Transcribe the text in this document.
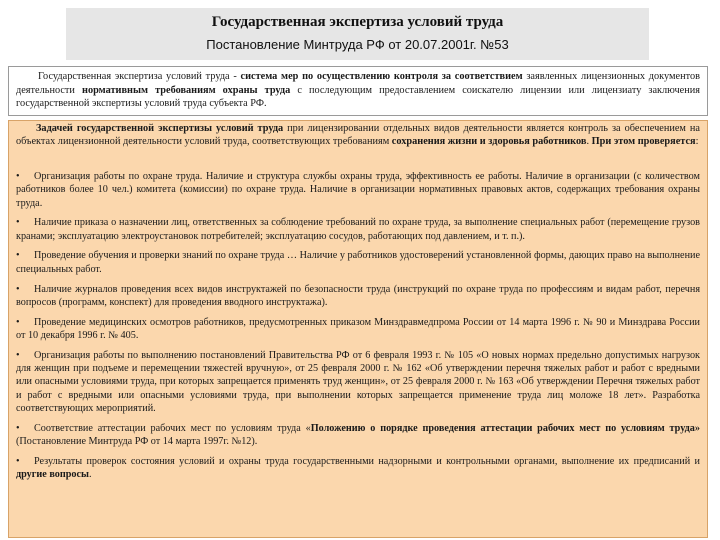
Государственная экспертиза условий труда
Постановление Минтруда РФ от 20.07.2001г. №53
Государственная экспертиза условий труда - система мер по осуществлению контроля за соответствием заявленных лицензионных документов деятельности нормативным требованиям охраны труда с последующим предоставлением соискателю лицензии или лицензиату заключения государственной экспертизы условий труда субъекта РФ.
Задачей государственной экспертизы условий труда при лицензировании отдельных видов деятельности является контроль за обеспечением на объектах лицензионной деятельности условий труда, соответствующих требованиям сохранения жизни и здоровья работников. При этом проверяется:
• Организация работы по охране труда. Наличие и структура службы охраны труда, эффективность ее работы. Наличие в организации (с количеством работников более 10 чел.) комитета (комиссии) по охране труда. Наличие в организации нормативных правовых актов, содержащих требования охраны труда.
• Наличие приказа о назначении лиц, ответственных за соблюдение требований по охране труда, за выполнение специальных работ (перемещение грузов кранами; эксплуатацию электроустановок потребителей; эксплуатацию сосудов, работающих под давлением, и т. п.).
• Проведение обучения и проверки знаний по охране труда … Наличие у работников удостоверений установленной формы, дающих право на выполнение специальных работ.
• Наличие журналов проведения всех видов инструктажей по безопасности труда (инструкций по охране труда по профессиям и видам работ, перечня вопросов (программ, конспект) для проведения вводного инструктажа).
• Проведение медицинских осмотров работников, предусмотренных приказом Минздравмедпрома России от 14 марта 1996 г. № 90 и Минздрава России от 10 декабря 1996 г. № 405.
• Организация работы по выполнению постановлений Правительства РФ от 6 февраля 1993 г. № 105 «О новых нормах предельно допустимых нагрузок для женщин при подъеме и перемещении тяжестей вручную», от 25 февраля 2000 г. № 162 «Об утверждении перечня тяжелых работ и работ с вредными или опасными условиями труда, при которых запрещается применять труд женщин», от 25 февраля 2000 г. № 163 «Об утверждении Перечня тяжелых работ и работ с вредными или опасными условиями труда, при выполнении которых запрещается применение труда лиц моложе 18 лет». Разработка соответствующих мероприятий.
• Соответствие аттестации рабочих мест по условиям труда «Положению о порядке проведения аттестации рабочих мест по условиям труда» (Постановление Минтруда РФ от 14 марта 1997г. №12).
• Результаты проверок состояния условий и охраны труда государственными надзорными и контрольными органами, выполнение их предписаний и другие вопросы.
